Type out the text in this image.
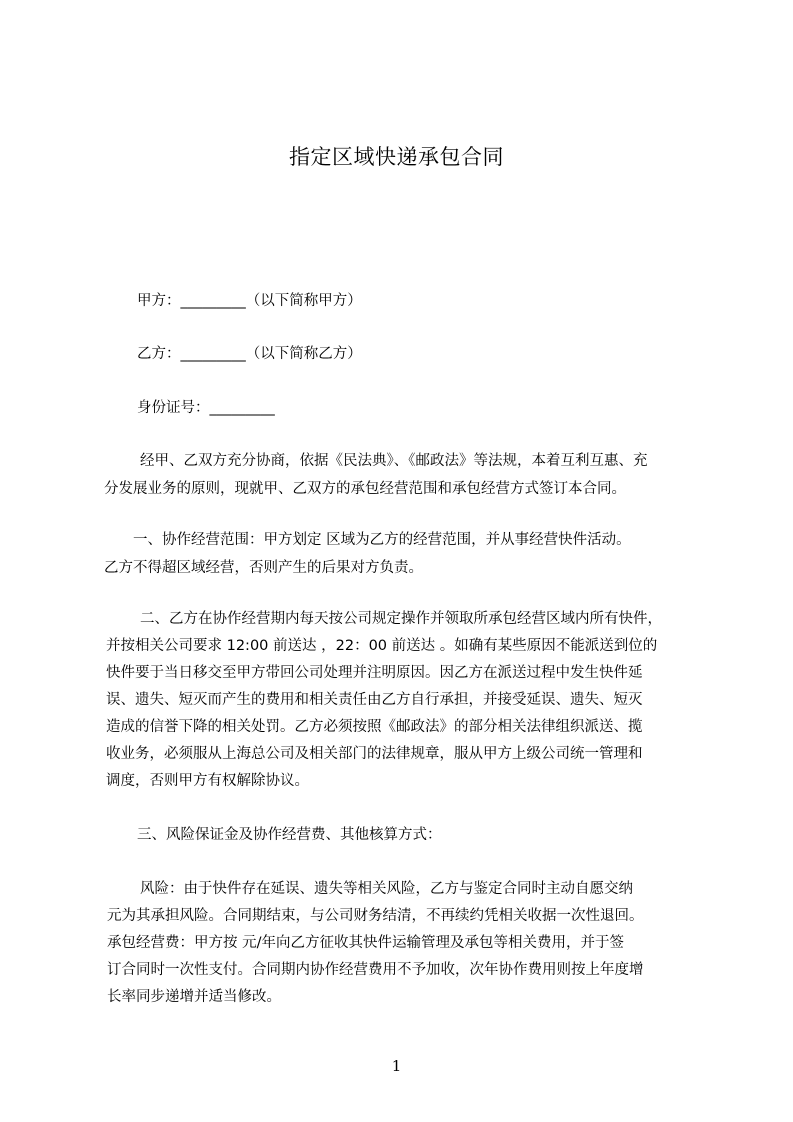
指定区域快递承包合同
甲方：_________（以下简称甲方）
乙方：_________（以下简称乙方）
身份证号：_________
经甲、乙双方充分协商，依据《民法典》、《邮政法》等法规，本着互利互惠、充
分发展业务的原则，现就甲、乙双方的承包经营范围和承包经营方式签订本合同。
一、协作经营范围：甲方划定 区域为乙方的经营范围，并从事经营快件活动。
乙方不得超区域经营，否则产生的后果对方负责。
二、乙方在协作经营期内每天按公司规定操作并领取所承包经营区域内所有快件，
并按相关公司要求 12:00 前送达 ，22：00 前送达 。如确有某些原因不能派送到位的
快件要于当日移交至甲方带回公司处理并注明原因。因乙方在派送过程中发生快件延
误、遗失、短灭而产生的费用和相关责任由乙方自行承担，并接受延误、遗失、短灭
造成的信誉下降的相关处罚。乙方必须按照《邮政法》的部分相关法律组织派送、揽
收业务，必须服从上海总公司及相关部门的法律规章，服从甲方上级公司统一管理和
调度，否则甲方有权解除协议。
三、风险保证金及协作经营费、其他核算方式：
风险：由于快件存在延误、遗失等相关风险，乙方与鉴定合同时主动自愿交纳
元为其承担风险。合同期结束，与公司财务结清，不再续约凭相关收据一次性退回。
承包经营费：甲方按 元/年向乙方征收其快件运输管理及承包等相关费用，并于签
订合同时一次性支付。合同期内协作经营费用不予加收，次年协作费用则按上年度增
长率同步递增并适当修改。
1
